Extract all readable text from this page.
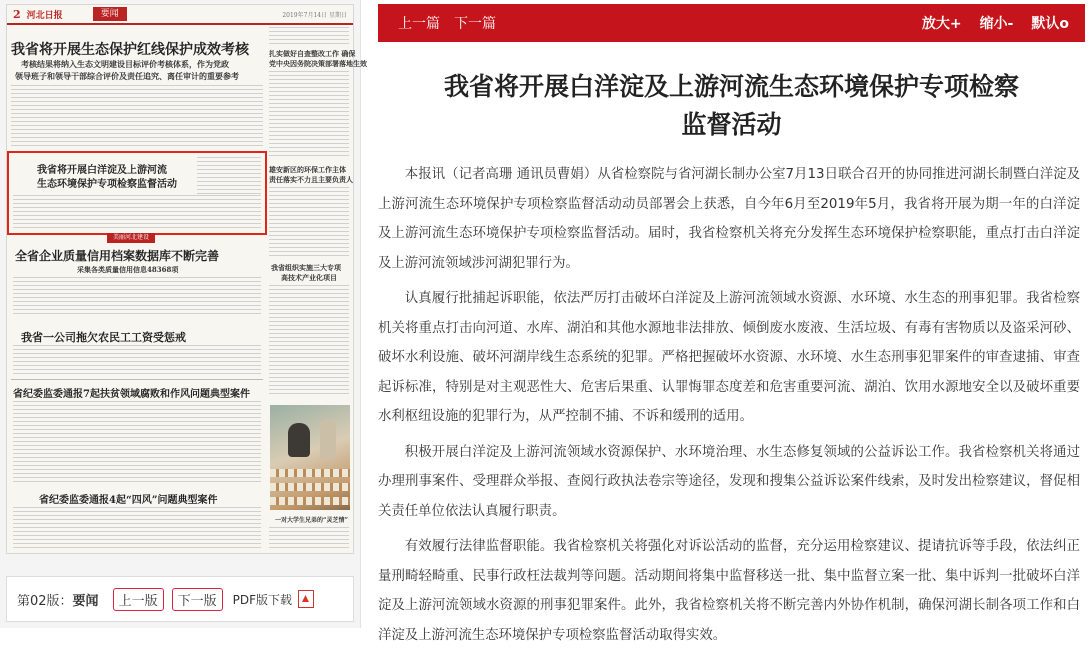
2 河北日报	要闻	2019年7月14日 星期日
我省将开展生态保护红线保护成效考核
考核结果将纳入生态文明建设目标评价考核体系，作为党政
领导班子和领导干部综合评价及责任追究、离任审计的重要参考
扎实做好自查整改工作 确保
党中央因务院决策部署落地生效
我省将开展白洋淀及上游河流
生态环境保护专项检察监督活动
雄安新区的环保工作主体
责任落实不力且主要负责人
美丽河北建设
全省企业质量信用档案数据库不断完善
采集各类质量信用信息48368项	我省组织实施三大专项
高技术产业化项目
我省一公司拖欠农民工工资受惩戒
省纪委监委通报7起扶贫领域腐败和作风问题典型案件
一对大学生兄弟的“灵芝情”
省纪委监委通报4起“四风”问题典型案件
第02版： 要闻	上一版	下一版	PDF版下载
上一篇 下一篇	放大+ 缩小- 默认o
我省将开展白洋淀及上游河流生态环境保护专项检察
监督活动

本报讯（记者高珊 通讯员曹娟）从省检察院与省河湖长制办公室7月13日联合召开的协同推进河湖长制暨白洋淀及上游河流生态环境保护专项检察监督活动动员部署会上获悉，自今年6月至2019年5月，我省将开展为期一年的白洋淀及上游河流生态环境保护专项检察监督活动。届时，我省检察机关将充分发挥生态环境保护检察职能，重点打击白洋淀及上游河流领域涉河湖犯罪行为。

认真履行批捕起诉职能，依法严厉打击破坏白洋淀及上游河流领域水资源、水环境、水生态的刑事犯罪。我省检察机关将重点打击向河道、水库、湖泊和其他水源地非法排放、倾倒废水废液、生活垃圾、有毒有害物质以及盗采河砂、破坏水利设施、破坏河湖岸线生态系统的犯罪。严格把握破坏水资源、水环境、水生态刑事犯罪案件的审查逮捕、审查起诉标准，特别是对主观恶性大、危害后果重、认罪悔罪态度差和危害重要河流、湖泊、饮用水源地安全以及破坏重要水利枢纽设施的犯罪行为，从严控制不捕、不诉和缓刑的适用。

积极开展白洋淀及上游河流领域水资源保护、水环境治理、水生态修复领域的公益诉讼工作。我省检察机关将通过办理刑事案件、受理群众举报、查阅行政执法卷宗等途径，发现和搜集公益诉讼案件线索，及时发出检察建议，督促相关责任单位依法认真履行职责。

有效履行法律监督职能。我省检察机关将强化对诉讼活动的监督，充分运用检察建议、提请抗诉等手段，依法纠正量刑畸轻畸重、民事行政枉法裁判等问题。活动期间将集中监督移送一批、集中监督立案一批、集中诉判一批破坏白洋淀及上游河流领域水资源的刑事犯罪案件。此外，我省检察机关将不断完善内外协作机制，确保河湖长制各项工作和白洋淀及上游河流生态环境保护专项检察监督活动取得实效。
